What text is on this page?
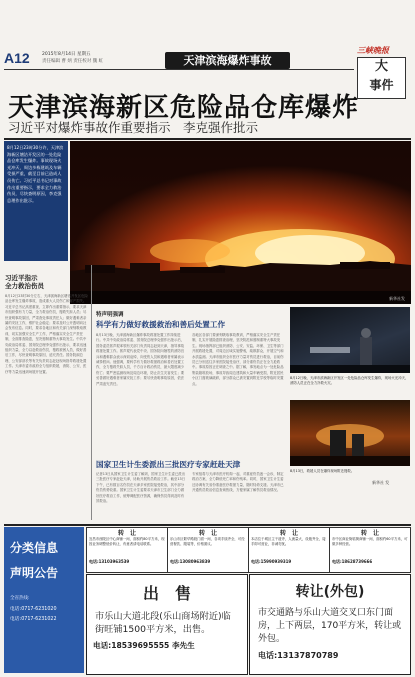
A12	2015年8月14日 星期五
责任编辑 曹 炳 责任校对 魏 虹	天津滨海爆炸事故
三峡晚报
大
事件
天津滨海新区危险品仓库爆炸
习近平对爆炸事故作重要指示　李克强作批示
8月12日23时30分许，天津滨海新区塘沽开发区的一处危险品仓库发生爆炸。事故现场火光冲天，周边多栋建筑及车辆受损严重，截至目前已造成人员伤亡。习近平总书记对事故作出重要指示，要求全力救治伤员，尽快查明原因，李克强总理作出批示。
新华社发
习近平指示
全力救治伤员
8月12日23时30分左右，天津滨海新区塘沽开发区危险品仓库发生爆炸事故，造成重大人员伤亡和财产损失。习近平总书记高度重视，立即作出重要指示，要求天津市组织强有力力量，全力救治伤员，搜救失踪人员；尽快查明事故原因，严肃查处事故责任人；做好遇难者亲属的安抚工作，维护社会稳定；要求及时公开透明向社会发布信息。同时，要求各地区和有关部门深刻吸取教训，切实加强安全生产工作，严格落实安全生产责任制，全面排查隐患，坚决遏制重特大事故发生。中共中央政治局常委、国务院总理李克强作出批示，要求迅速组织力量，全力以赴救治伤员，搜救被困人员，做好善后工作，尽快查明事故原因，追究责任。国务院副总理、公安部部长等有关负责同志赶赴现场指导救援处置工作。天津市委市政府全力组织救援，消防、公安、医疗等力量迅速到场展开处置。
特声明强调
科学有力做好救援救治和善后处置工作
8月13日晚，天津滨海新区爆炸事故救援处置工作持续进行。中共中央政治局常委、国务院总理李克强作出批示后，国务委员郭声琨率领有关部门负责同志赶到天津，指导事故救援处置工作。郭声琨代表党中央、国务院向牺牲的消防官兵和遇难群众表示深切哀悼，向受伤人员和遇难者家属表示诚挚慰问。他强调，要科学有力做好救援救治和善后处置工作，全力搜救失踪人员，千方百计救治伤员，最大限度减少伤亡；要严密监测现场及周边环境，防止次生灾害发生；要妥善做好遇难者家属安抚工作；要尽快查明事故原因，依法严肃追究责任。
各地区各部门要深刻吸取事故教训，严格落实安全生产责任制，扎实开展隐患排查治理，坚决防范和遏制重特大事故发生。现场指挥部已组织消防、公安、安监、环保、卫生等部门开展救援处置，对周边区域实施警戒，疏散群众，开展空气和水质监测。天津市组织全市医疗力量对伤员进行救治，目前伤员已分别送往多家医院接受治疗，部分重伤员正在全力抢救中。事故原因正在调查之中。据了解，事发地点为一处危险品集装箱堆放场，事故导致周边建筑和大量车辆受损，附近居民小区门窗玻璃破碎，部分群众已被安置到附近学校等临时安置点。
8月12日晚，天津市滨海新区开发区一处危险品仓库发生爆炸，现场火光冲天，消防人员正在全力扑救火灾。
8月13日，救援人员在爆炸现场附近搜救。
新华社 发
国家卫生计生委派出三批医疗专家赶赴天津
记者13日从国家卫生计生委了解到，国家卫生计生委已派出三批医疗专家赶赴天津，协助开展伤员救治工作。截至13日下午，已有数百名伤员在天津多家医院接受救治，其中部分伤员伤势较重。国家卫生计生委要求天津市卫生部门全力做好医疗救治工作，统筹调配医疗资源，确保伤员得到及时有效救治。
专家组将与天津市医疗机构一起，对重症伤员逐一会诊，制定救治方案，全力降低死亡率和伤残率。同时，国家卫生计生委还协调有关省份准备医疗救援力量，随时待命支援。天津市已开通伤员救治信息查询热线，方便家属了解伤员救治情况。
分类信息
声明公告
全省热线:
电话:0717-6231020
电话:0717-6231022
转　让
宜昌市西陵区中心商铺一间，面积约80平方米，现因业务调整低价转让，有意者请电话联系。
电话:13103963539
转　让
乐山市区繁华路段门面一间，各项手续齐全，可经营餐饮、服装等，价格面议。
电话:13080963839
转　让
本店位于城区主干道旁，人流量大，设施齐全，接手即可营业，非诚勿扰。
电话:15990939319
转　让
市中区商业街临街商铺一间，面积约60平方米，可做多种经营。
电话:18628739666
出　售
市乐山大道北段(乐山商场附近)临街旺铺1500平方米，出售。
电话:18539695555 李先生
转让(外包)
市交通路与乐山大道交叉口东门面房，上下两层，170平方米，转让或外包。
电话:13137870789
